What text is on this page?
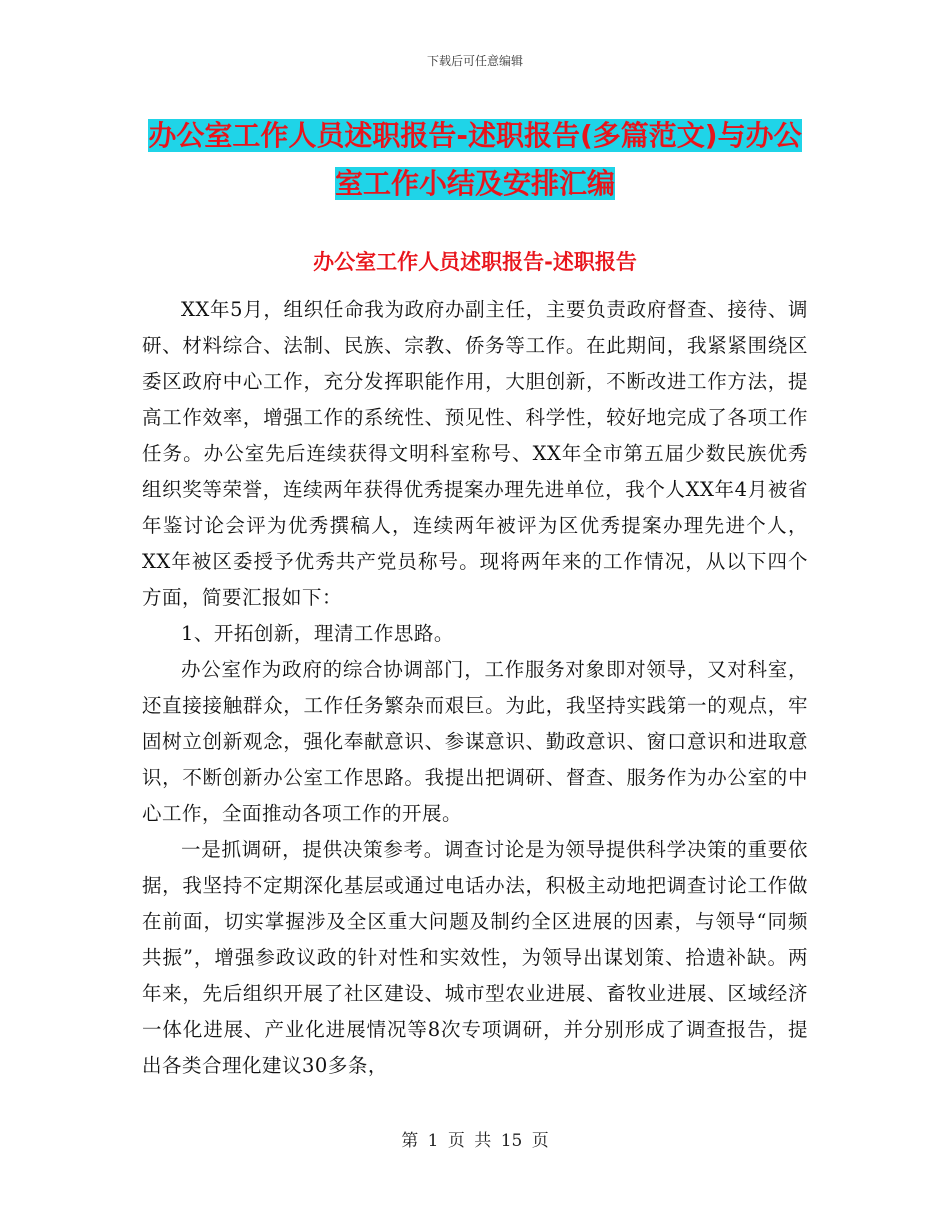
下载后可任意编辑
办公室工作人员述职报告-述职报告(多篇范文)与办公室工作小结及安排汇编
办公室工作人员述职报告-述职报告

XX年5月，组织任命我为政府办副主任，主要负责政府督查、接待、调研、材料综合、法制、民族、宗教、侨务等工作。在此期间，我紧紧围绕区委区政府中心工作，充分发挥职能作用，大胆创新，不断改进工作方法，提高工作效率，增强工作的系统性、预见性、科学性，较好地完成了各项工作任务。办公室先后连续获得文明科室称号、XX年全市第五届少数民族优秀组织奖等荣誉，连续两年获得优秀提案办理先进单位，我个人XX年4月被省年鉴讨论会评为优秀撰稿人，连续两年被评为区优秀提案办理先进个人，XX年被区委授予优秀共产党员称号。现将两年来的工作情况，从以下四个方面，简要汇报如下：

1、开拓创新，理清工作思路。

办公室作为政府的综合协调部门，工作服务对象即对领导，又对科室，还直接接触群众，工作任务繁杂而艰巨。为此，我坚持实践第一的观点，牢固树立创新观念，强化奉献意识、参谋意识、勤政意识、窗口意识和进取意识，不断创新办公室工作思路。我提出把调研、督查、服务作为办公室的中心工作，全面推动各项工作的开展。

一是抓调研，提供决策参考。调查讨论是为领导提供科学决策的重要依据，我坚持不定期深化基层或通过电话办法，积极主动地把调查讨论工作做在前面，切实掌握涉及全区重大问题及制约全区进展的因素，与领导“同频共振”，增强参政议政的针对性和实效性，为领导出谋划策、拾遗补缺。两年来，先后组织开展了社区建设、城市型农业进展、畜牧业进展、区域经济一体化进展、产业化进展情况等8次专项调研，并分别形成了调查报告，提出各类合理化建议30多条，

第 1 页 共 15 页
